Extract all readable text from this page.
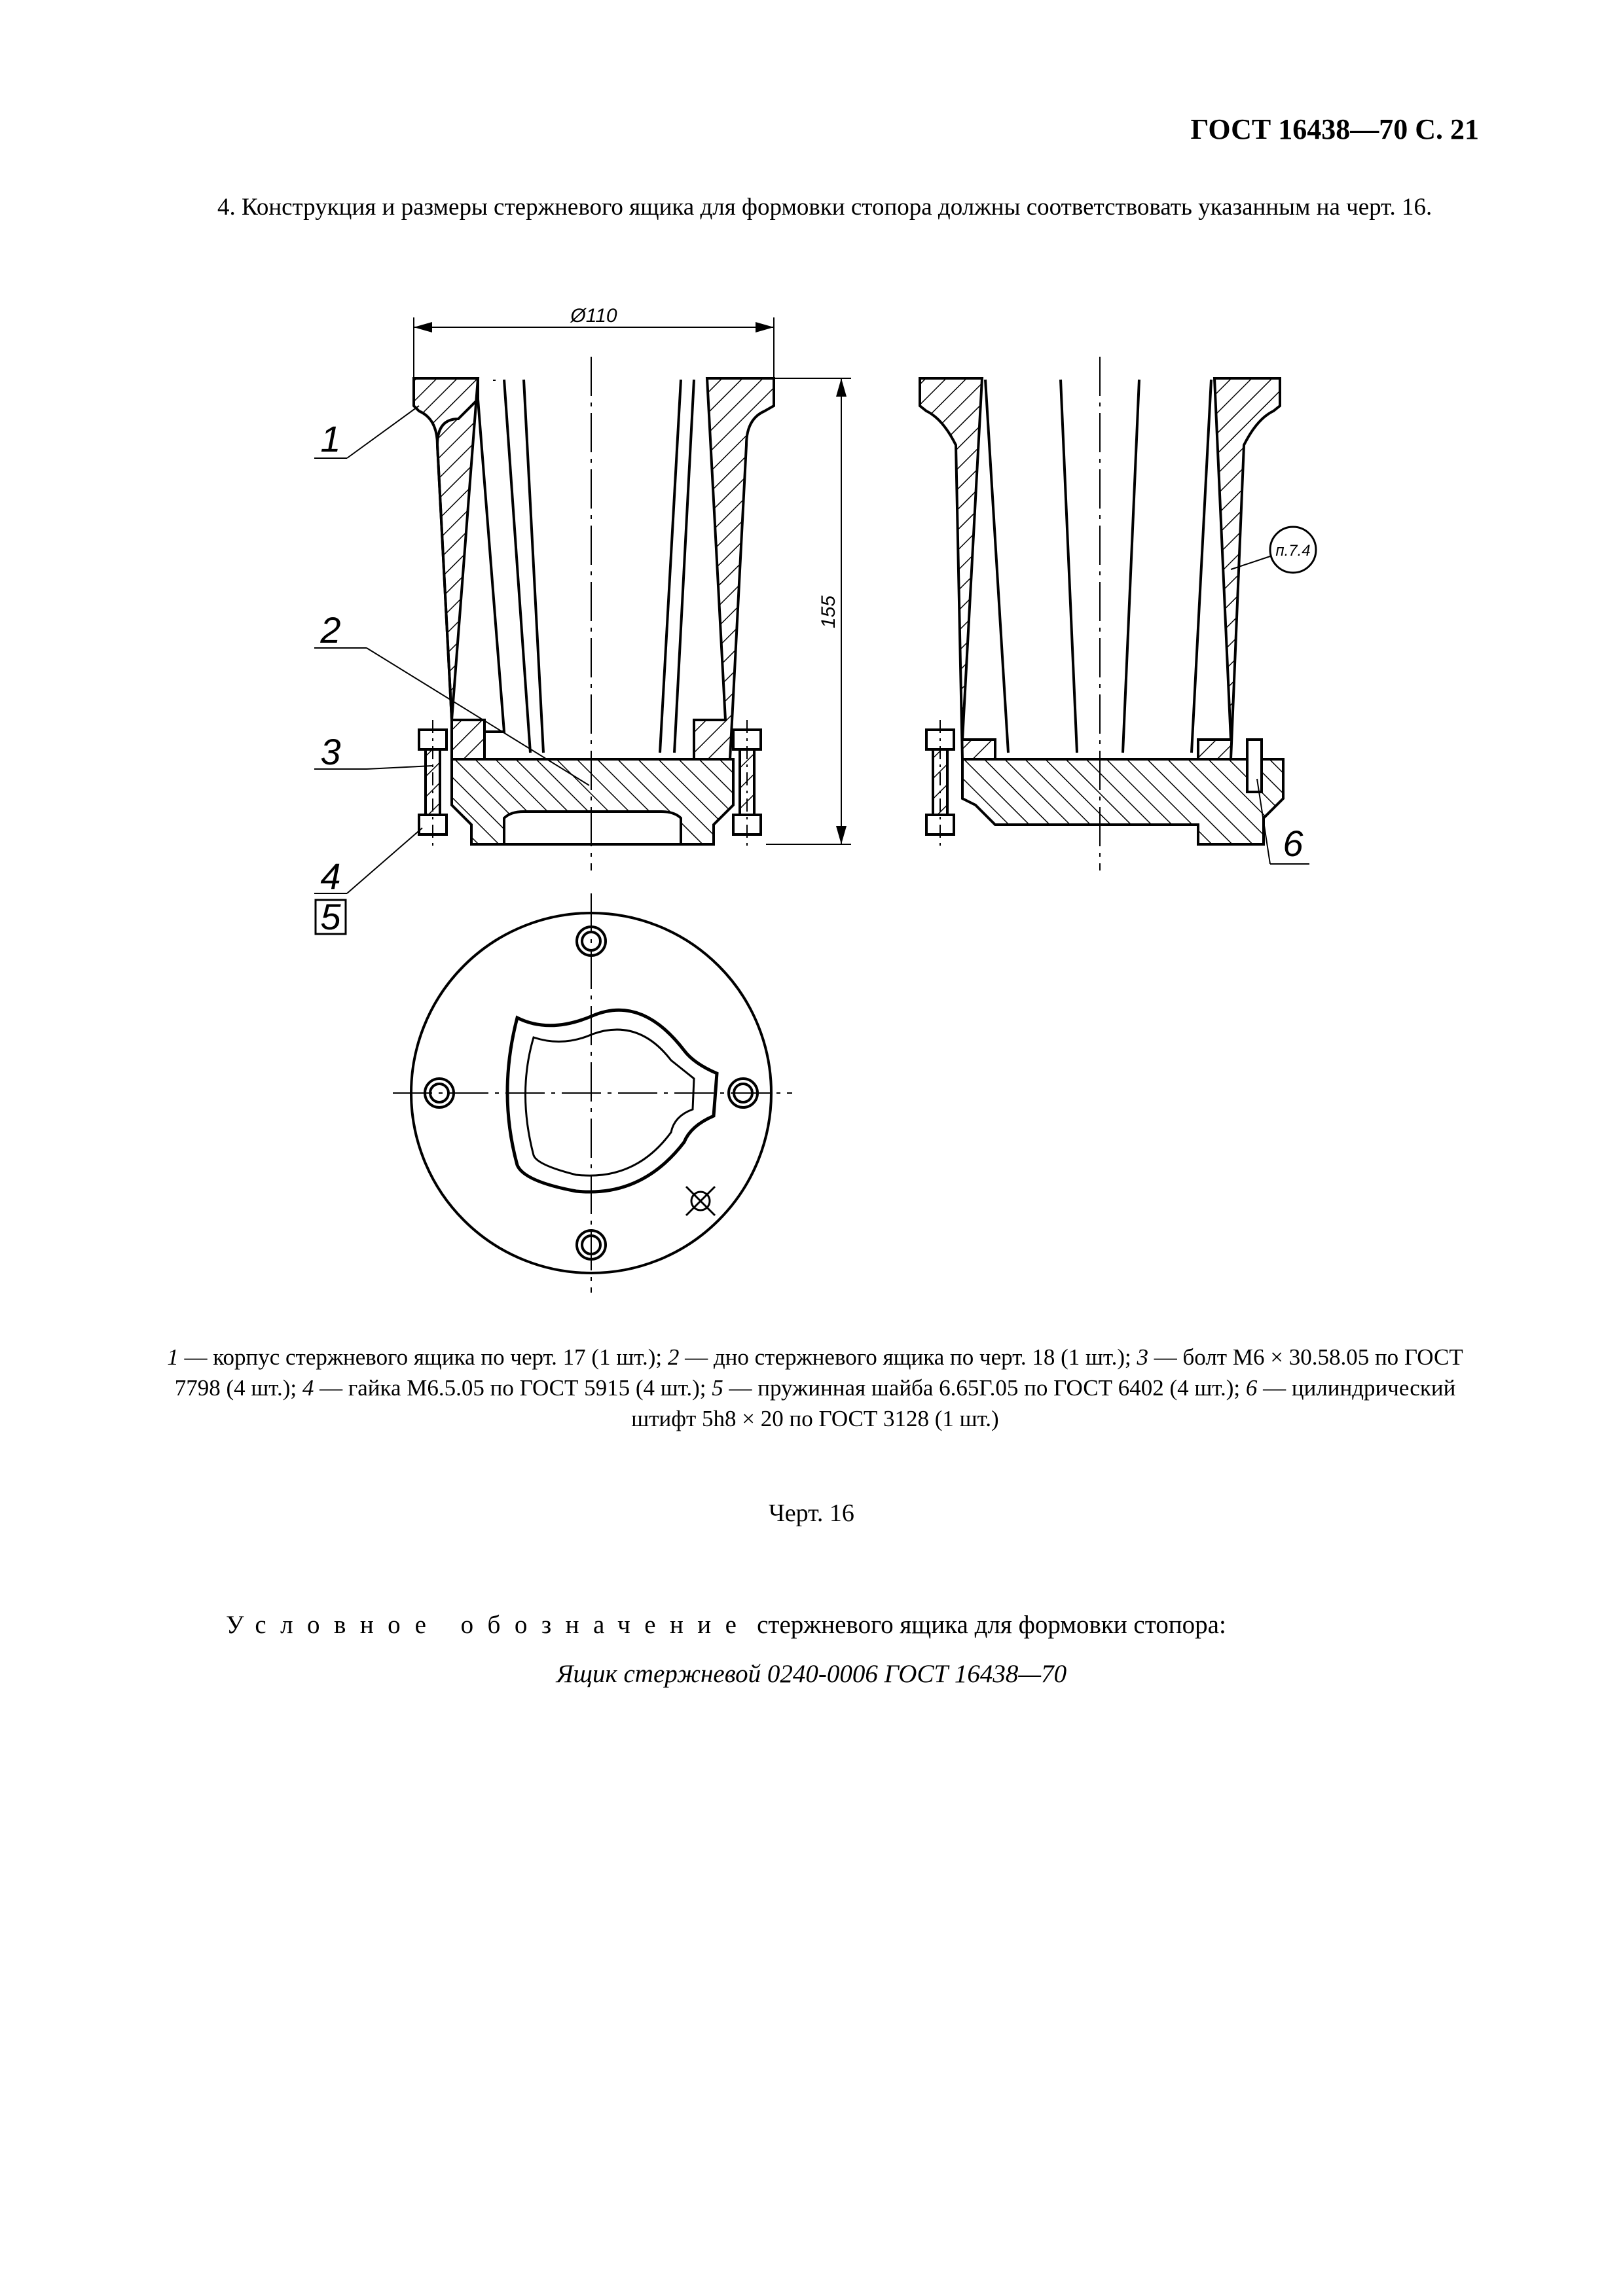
ГОСТ 16438—70 С. 21
4. Конструкция и размеры стержневого ящика для формовки стопора должны соответствовать указанным на черт. 16.
Ø110
155
1
2
3
4
5
п.7.4
6
1 — корпус стержневого ящика по черт. 17 (1 шт.); 2 — дно стержневого ящика по черт. 18 (1 шт.); 3 — болт М6 × 30.58.05 по ГОСТ 7798 (4 шт.); 4 — гайка М6.5.05 по ГОСТ 5915 (4 шт.); 5 — пружинная шайба 6.65Г.05 по ГОСТ 6402 (4 шт.); 6 — цилиндрический штифт 5h8 × 20 по ГОСТ 3128 (1 шт.)
Черт. 16
Условное обозначение стержневого ящика для формовки стопора:
Ящик стержневой 0240-0006 ГОСТ 16438—70
